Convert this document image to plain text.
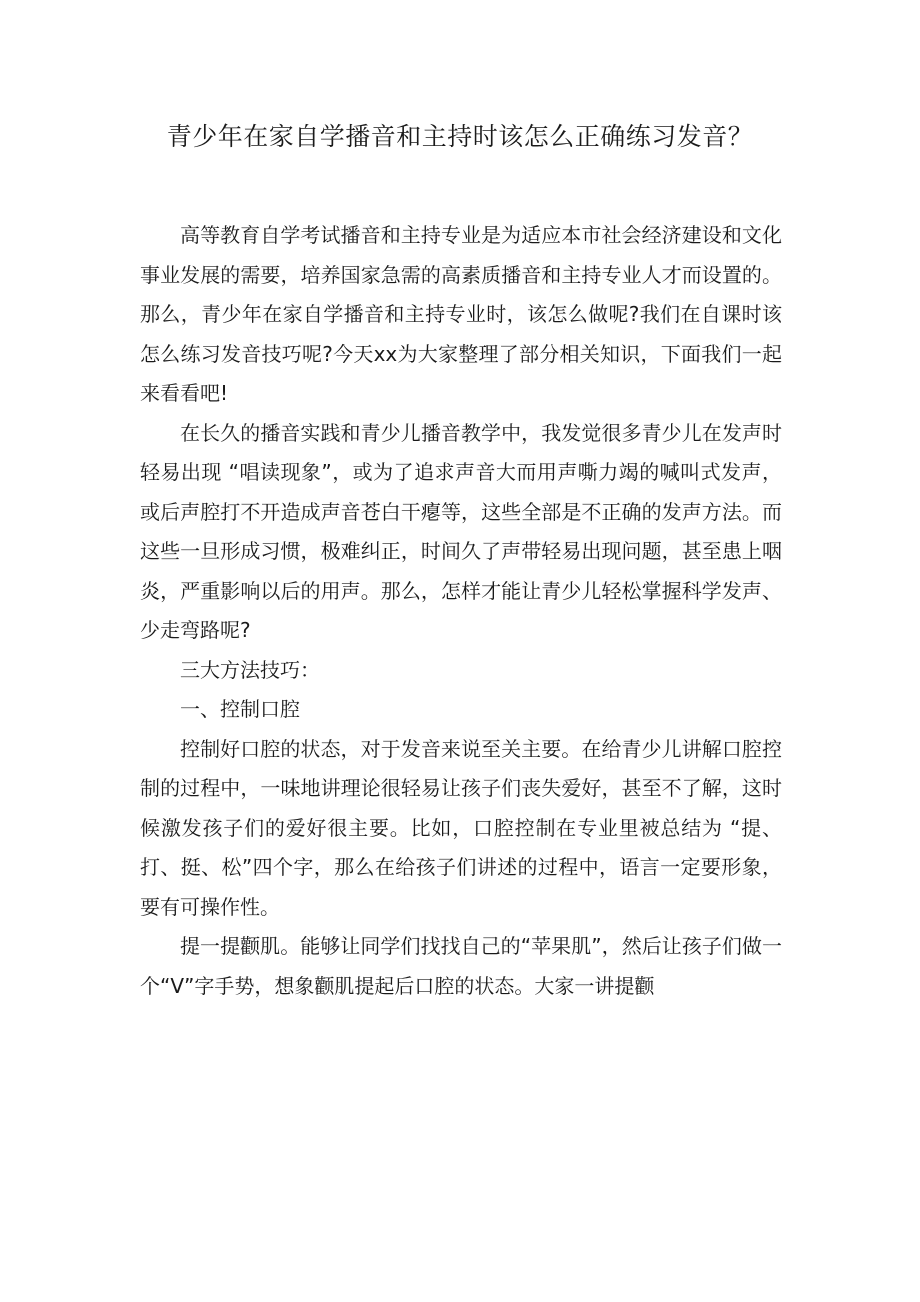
青少年在家自学播音和主持时该怎么正确练习发音？

高等教育自学考试播音和主持专业是为适应本市社会经济建设和文化事业发展的需要，培养国家急需的高素质播音和主持专业人才而设置的。那么，青少年在家自学播音和主持专业时，该怎么做呢?我们在自课时该怎么练习发音技巧呢?今天xx为大家整理了部分相关知识，下面我们一起来看看吧!

在长久的播音实践和青少儿播音教学中，我发觉很多青少儿在发声时轻易出现 “唱读现象”，或为了追求声音大而用声嘶力竭的喊叫式发声，或后声腔打不开造成声音苍白干瘪等，这些全部是不正确的发声方法。而这些一旦形成习惯，极难纠正，时间久了声带轻易出现问题，甚至患上咽炎，严重影响以后的用声。那么，怎样才能让青少儿轻松掌握科学发声、少走弯路呢?

三大方法技巧：

一、控制口腔

控制好口腔的状态，对于发音来说至关主要。在给青少儿讲解口腔控制的过程中，一味地讲理论很轻易让孩子们丧失爱好，甚至不了解，这时候激发孩子们的爱好很主要。比如，口腔控制在专业里被总结为 “提、打、挺、松”四个字，那么在给孩子们讲述的过程中，语言一定要形象，要有可操作性。

提一提颧肌。能够让同学们找找自己的“苹果肌”，然后让孩子们做一个“V”字手势，想象颧肌提起后口腔的状态。大家一讲提颧
